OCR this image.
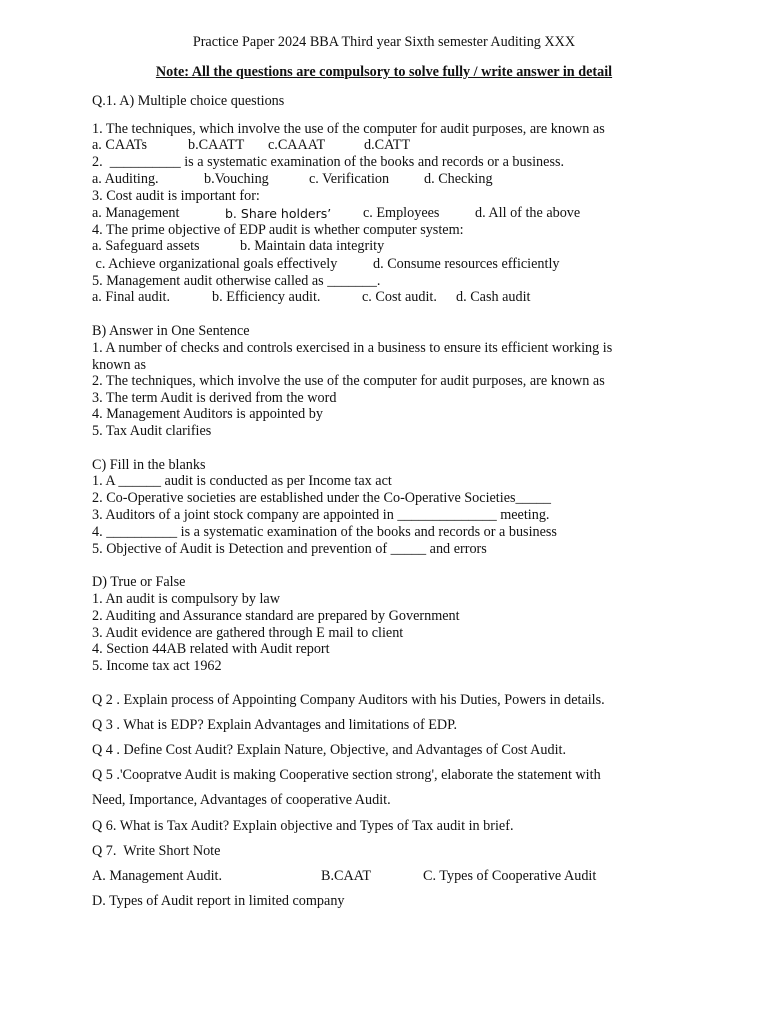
Practice Paper 2024 BBA Third year Sixth semester Auditing XXX
Note: All the questions are compulsory to solve fully / write answer in detail
Q.1. A) Multiple choice questions
1. The techniques, which involve the use of the computer for audit purposes, are known as
a. CAATs	b.CAATT c.CAAAT	d.CATT
2.  __________ is a systematic examination of the books and records or a business.
a. Auditing.	b.Vouching	c. Verification d. Checking
3. Cost audit is important for:
a. Management	b. Share holders’ c. Employees	d. All of the above
4. The prime objective of EDP audit is whether computer system:
a. Safeguard assets	b. Maintain data integrity
c. Achieve organizational goals effectively	d. Consume resources efficiently
5. Management audit otherwise called as _______.
a. Final audit.	b. Efficiency audit.	c. Cost audit. d. Cash audit
B) Answer in One Sentence
1. A number of checks and controls exercised in a business to ensure its efficient working is
known as
2. The techniques, which involve the use of the computer for audit purposes, are known as
3. The term Audit is derived from the word
4. Management Auditors is appointed by
5. Tax Audit clarifies
C) Fill in the blanks
1. A ______ audit is conducted as per Income tax act
2. Co-Operative societies are established under the Co-Operative Societies_____
3. Auditors of a joint stock company are appointed in ______________ meeting.
4. __________ is a systematic examination of the books and records or a business
5. Objective of Audit is Detection and prevention of _____ and errors
D) True or False
1. An audit is compulsory by law
2. Auditing and Assurance standard are prepared by Government
3. Audit evidence are gathered through E mail to client
4. Section 44AB related with Audit report
5. Income tax act 1962
Q 2 . Explain process of Appointing Company Auditors with his Duties, Powers in details.
Q 3 . What is EDP? Explain Advantages and limitations of EDP.
Q 4 . Define Cost Audit? Explain Nature, Objective, and Advantages of Cost Audit.
Q 5 .'Coopratve Audit is making Cooperative section strong', elaborate the statement with
Need, Importance, Advantages of cooperative Audit.
Q 6. What is Tax Audit? Explain objective and Types of Tax audit in brief.
Q 7.  Write Short Note
A. Management Audit.	B.CAAT	C. Types of Cooperative Audit
D. Types of Audit report in limited company
